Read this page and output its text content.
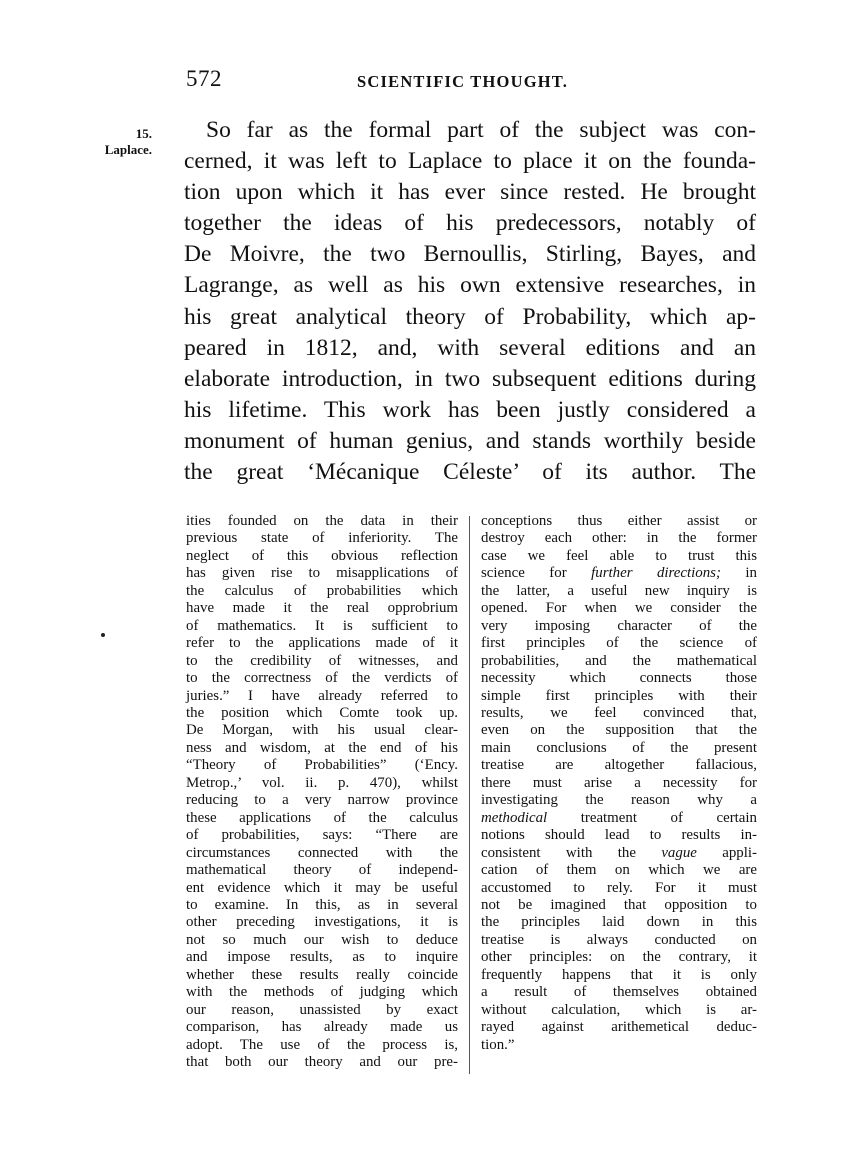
572	SCIENTIFIC THOUGHT.
15.
Laplace.
So far as the formal part of the subject was con-
cerned, it was left to Laplace to place it on the founda-
tion upon which it has ever since rested. He brought
together the ideas of his predecessors, notably of
De Moivre, the two Bernoullis, Stirling, Bayes, and
Lagrange, as well as his own extensive researches, in
his great analytical theory of Probability, which ap-
peared in 1812, and, with several editions and an
elaborate introduction, in two subsequent editions during
his lifetime. This work has been justly considered a
monument of human genius, and stands worthily beside
the great ‘Mécanique Céleste’ of its author. The
ities founded on the data in their
previous state of inferiority. The
neglect of this obvious reflection
has given rise to misapplications of
the calculus of probabilities which
have made it the real opprobrium
of mathematics. It is sufficient to
refer to the applications made of it
to the credibility of witnesses, and
to the correctness of the verdicts of
juries.” I have already referred to
the position which Comte took up.
De Morgan, with his usual clear-
ness and wisdom, at the end of his
“Theory of Probabilities” (‘Ency.
Metrop.,’ vol. ii. p. 470), whilst
reducing to a very narrow province
these applications of the calculus
of probabilities, says: “There are
circumstances connected with the
mathematical theory of independ-
ent evidence which it may be useful
to examine. In this, as in several
other preceding investigations, it is
not so much our wish to deduce
and impose results, as to inquire
whether these results really coincide
with the methods of judging which
our reason, unassisted by exact
comparison, has already made us
adopt. The use of the process is,
that both our theory and our pre-
conceptions thus either assist or
destroy each other: in the former
case we feel able to trust this
science for further directions; in
the latter, a useful new inquiry is
opened. For when we consider the
very imposing character of the
first principles of the science of
probabilities, and the mathematical
necessity which connects those
simple first principles with their
results, we feel convinced that,
even on the supposition that the
main conclusions of the present
treatise are altogether fallacious,
there must arise a necessity for
investigating the reason why a
methodical treatment of certain
notions should lead to results in-
consistent with the vague appli-
cation of them on which we are
accustomed to rely. For it must
not be imagined that opposition to
the principles laid down in this
treatise is always conducted on
other principles: on the contrary, it
frequently happens that it is only
a result of themselves obtained
without calculation, which is ar-
rayed against arithemetical deduc-
tion.”
